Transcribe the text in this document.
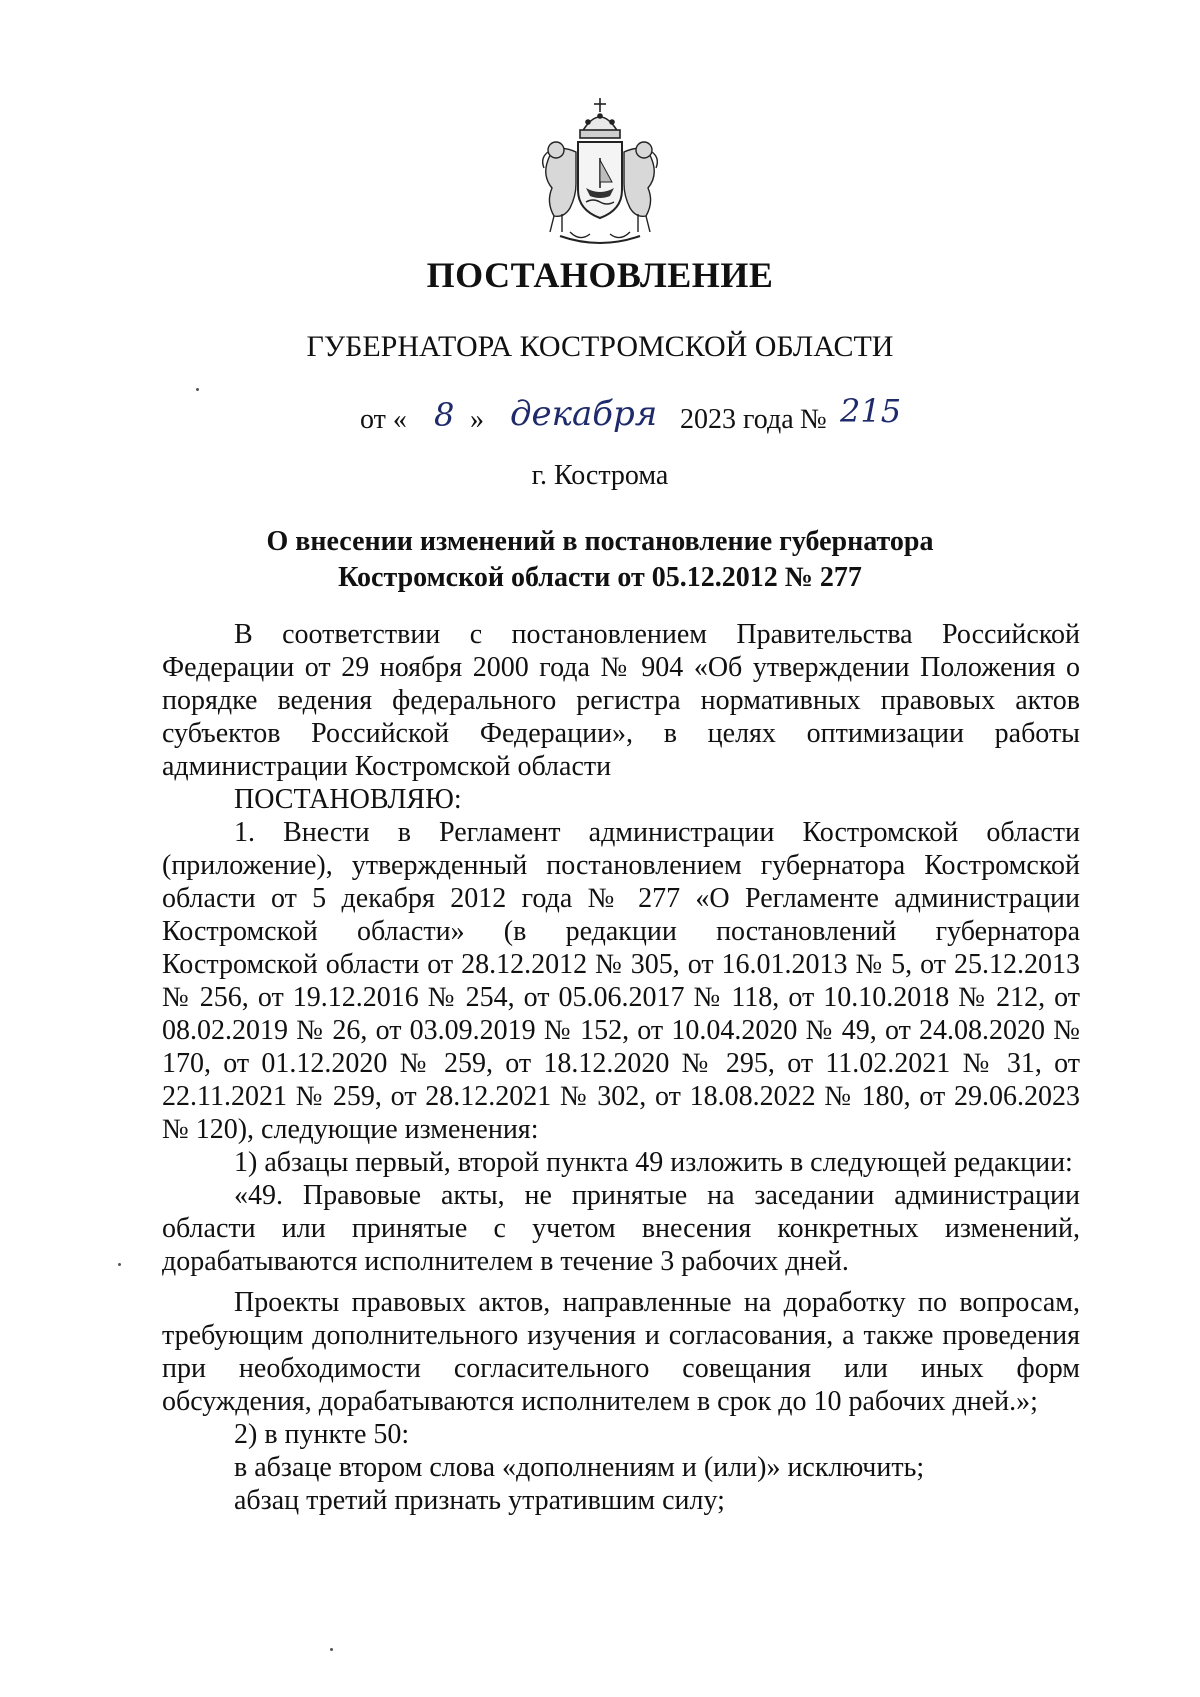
ПОСТАНОВЛЕНИЕ
ГУБЕРНАТОРА КОСТРОМСКОЙ ОБЛАСТИ
от « 8 » декабря 2023 года № 215
г. Кострома
О внесении изменений в постановление губернатора
Костромской области от 05.12.2012 № 277

В соответствии с постановлением Правительства Российской Федерации от 29 ноября 2000 года № 904 «Об утверждении Положения о порядке ведения федерального регистра нормативных правовых актов субъектов Российской Федерации», в целях оптимизации работы администрации Костромской области

ПОСТАНОВЛЯЮ:

1. Внести в Регламент администрации Костромской области (приложение), утвержденный постановлением губернатора Костромской области от 5 декабря 2012 года № 277 «О Регламенте администрации Костромской области» (в редакции постановлений губернатора Костромской области от 28.12.2012 № 305, от 16.01.2013 № 5, от 25.12.2013 № 256, от 19.12.2016 № 254, от 05.06.2017 № 118, от 10.10.2018 № 212, от 08.02.2019 № 26, от 03.09.2019 № 152, от 10.04.2020 № 49, от 24.08.2020 № 170, от 01.12.2020 № 259, от 18.12.2020 № 295, от 11.02.2021 № 31, от 22.11.2021 № 259, от 28.12.2021 № 302, от 18.08.2022 № 180, от 29.06.2023 № 120), следующие изменения:

1) абзацы первый, второй пункта 49 изложить в следующей редакции:

«49. Правовые акты, не принятые на заседании администрации области или принятые с учетом внесения конкретных изменений, дорабатываются исполнителем в течение 3 рабочих дней.

Проекты правовых актов, направленные на доработку по вопросам, требующим дополнительного изучения и согласования, а также проведения при необходимости согласительного совещания или иных форм обсуждения, дорабатываются исполнителем в срок до 10 рабочих дней.»;

2) в пункте 50:

в абзаце втором слова «дополнениям и (или)» исключить;

абзац третий признать утратившим силу;
